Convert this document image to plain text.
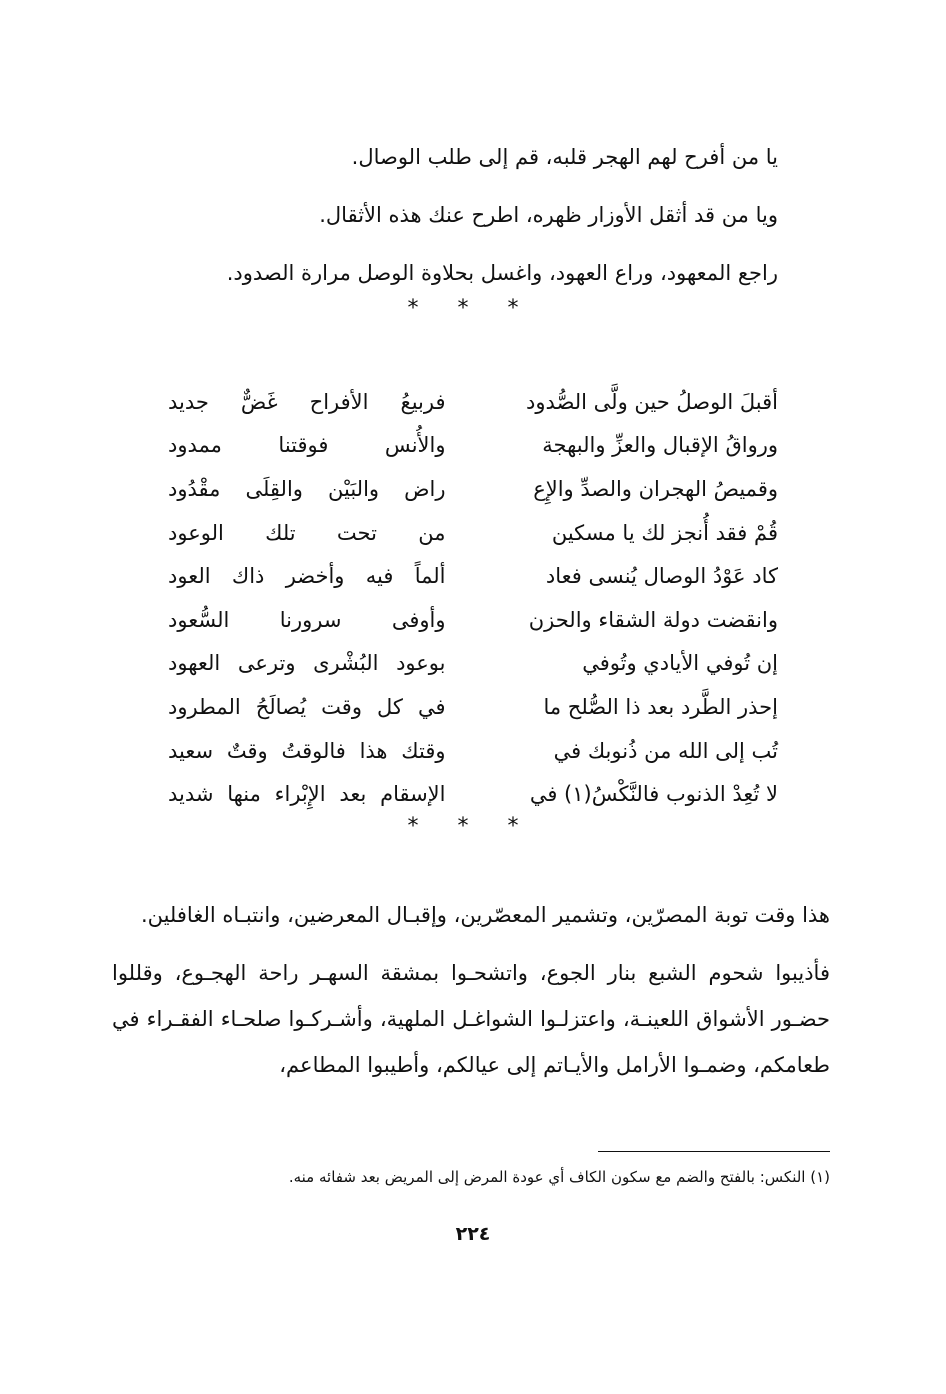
يا من أفرح لهم الهجر قلبه، قم إلى طلب الوصال.
ويا من قد أثقل الأوزار ظهره، اطرح عنك هذه الأثقال.
راجع المعهود، وراع العهود، واغسل بحلاوة الوصل مرارة الصدود.
* * *
أقبلَ الوصلُ حين ولَّى الصُّدود
فربيعُ الأفراح غَضٌّ جديد
ورواقُ الإقبال والعزِّ والبهجة
والأُنس فوقتنا ممدود
وقميصُ الهجران والصدِّ والإِع
راض والبَيْن والقِلَى مقْدُود
قُمْ فقد أُنجز لك يا مسكين
من تحت تلك الوعود
كاد عَوْدُ الوصال يُنسى فعاد
ألماً فيه وأخضر ذاك العود
وانقضت دولة الشقاء والحزن
وأوفى سرورنا السُّعود
إن تُوفي الأيادي وتُوفي
بوعود البُشْرى وترعى العهود
إحذر الطَّرد بعد ذا الصُّلح ما
في كل وقت يُصالَحُ المطرود
تُب إلى الله من ذُنوبك في
وقتك هذا فالوقتُ وقتٌ سعيد
لا تُعِدْ الذنوب فالنَّكْسُ(١) في
الإسقام بعد الإِبْراء منها شديد
* * *

هذا وقت توبة المصرّين، وتشمير المعصّرين، وإقبـال المعرضين، وانتبـاه الغافلين.

فأذيبوا شحوم الشبع بنار الجوع، واتشحـوا بمشقة السهـر راحة الهجـوع، وقللوا حضـور الأشواق اللعينـة، واعتزلـوا الشواغـل الملهية، وأشـركـوا صلحـاء الفقـراء في طعامكم، وضمـوا الأرامل والأيـاتم إلى عيالكم، وأطيبوا المطاعم،

(١) النكس: بالفتح والضم مع سكون الكاف أي عودة المرض إلى المريض بعد شفائه منه.
٢٢٤
